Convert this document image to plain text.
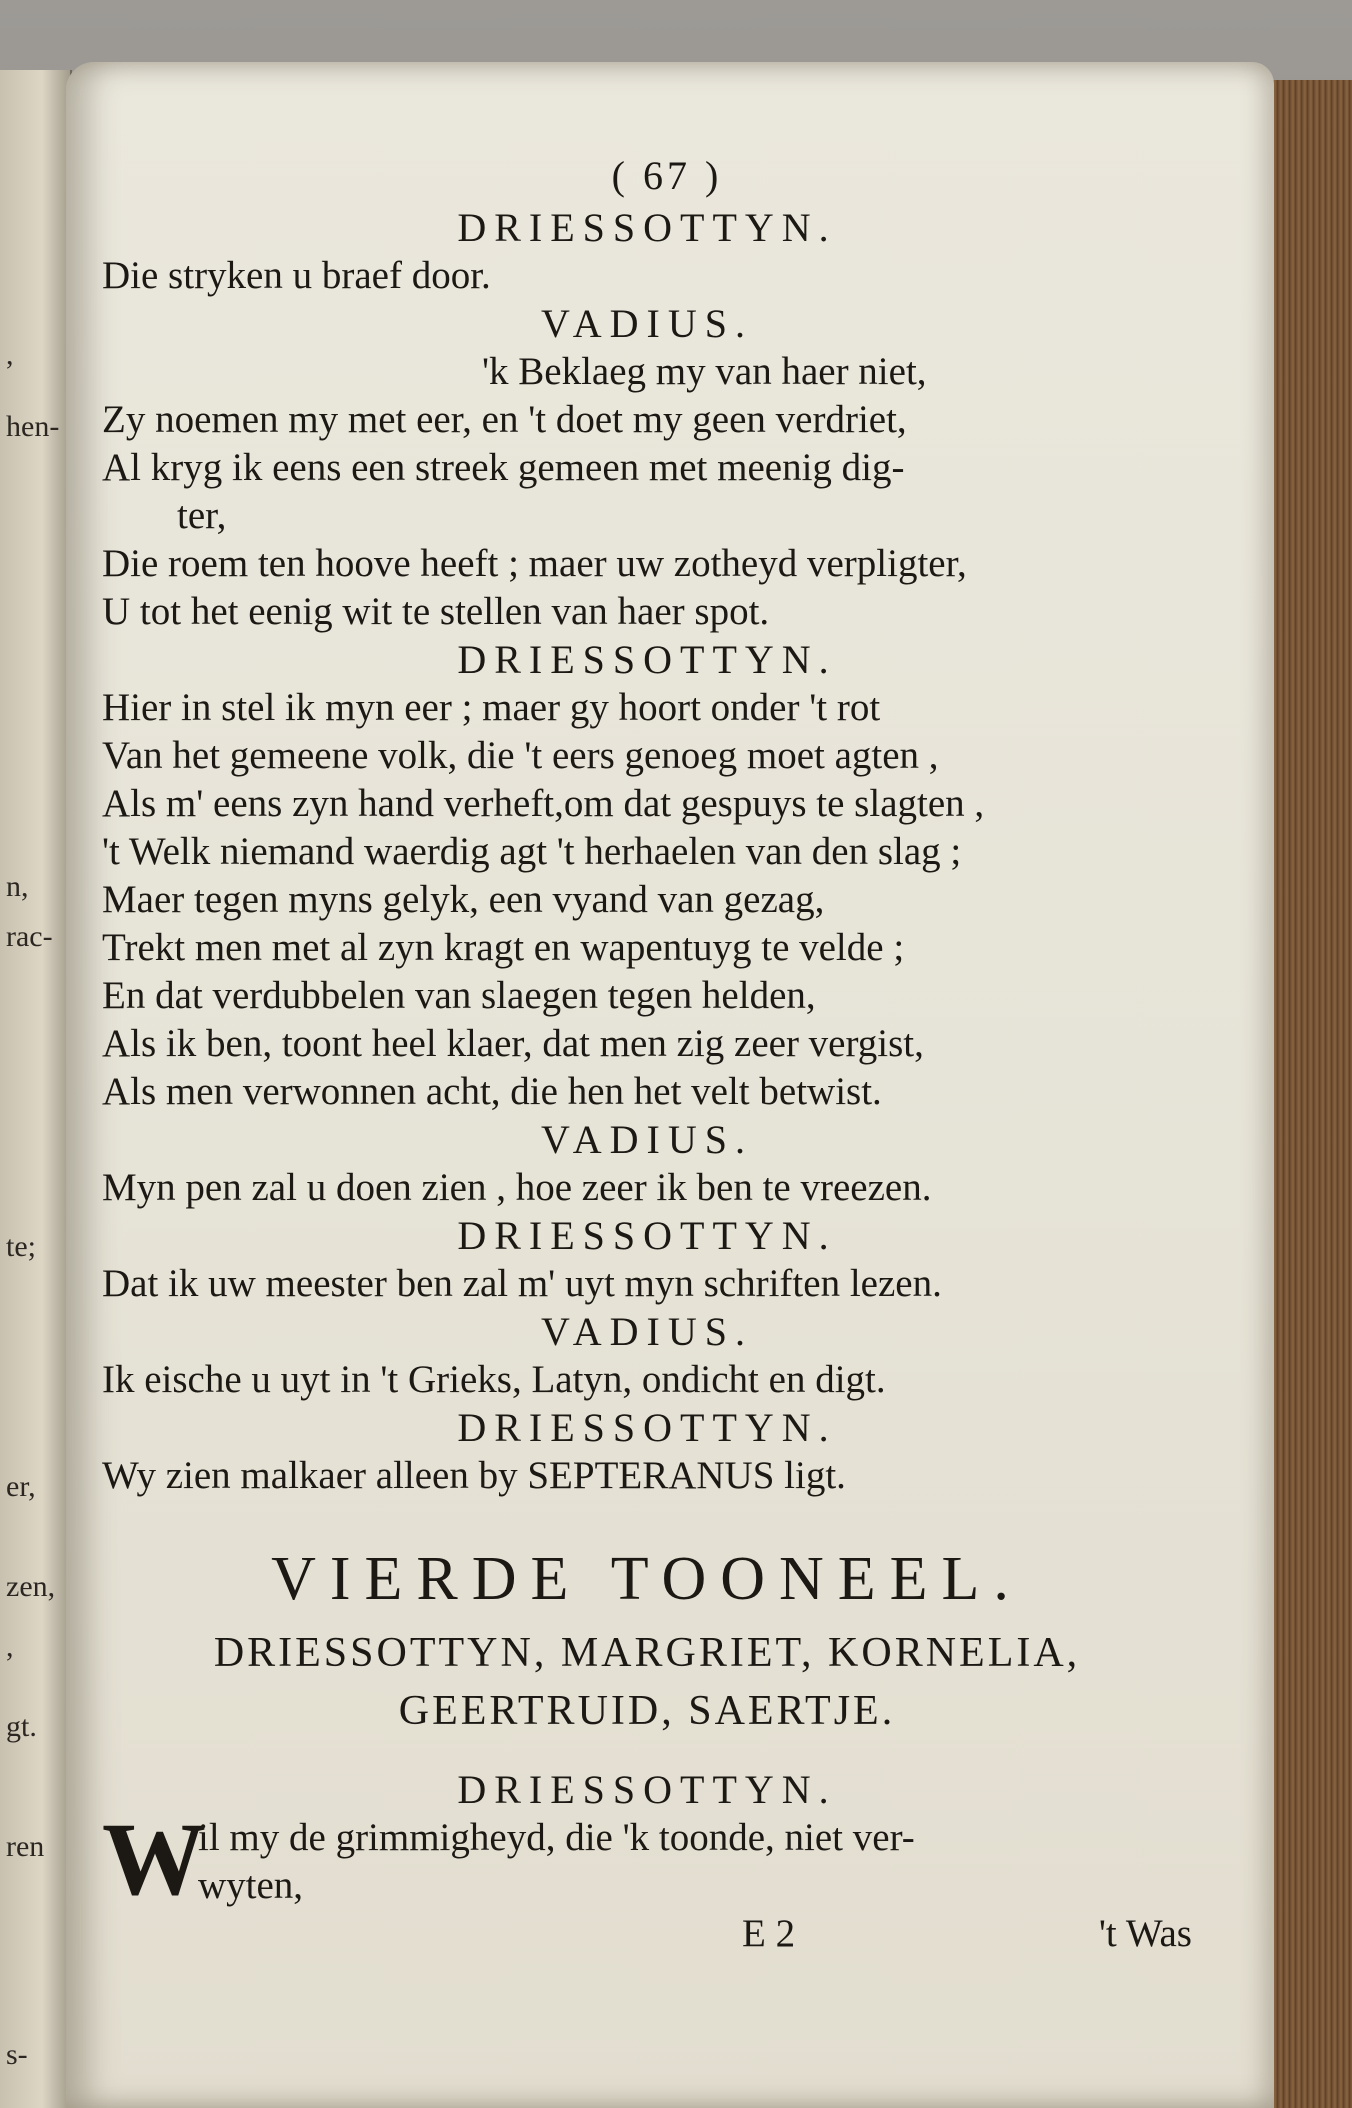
,
hen-
n,
rac-
te;
er,
zen,
,
gt.
ren
s-
( 67 )
DRIESSOTTYN.
Die stryken u braef door.
VADIUS.
'k Beklaeg my van haer niet,
Zy noemen my met eer, en 't doet my geen verdriet,
Al kryg ik eens een streek gemeen met meenig dig-
ter,
Die roem ten hoove heeft ; maer uw zotheyd verpligter,
U tot het eenig wit te stellen van haer spot.
DRIESSOTTYN.
Hier in stel ik myn eer ; maer gy hoort onder 't rot
Van het gemeene volk, die 't eers genoeg moet agten ,
Als m' eens zyn hand verheft,om dat gespuys te slagten ,
't Welk niemand waerdig agt 't herhaelen van den slag ;
Maer tegen myns gelyk, een vyand van gezag,
Trekt men met al zyn kragt en wapentuyg te velde ;
En dat verdubbelen van slaegen tegen helden,
Als ik ben, toont heel klaer, dat men zig zeer vergist,
Als men verwonnen acht, die hen het velt betwist.
VADIUS.
Myn pen zal u doen zien , hoe zeer ik ben te vreezen.
DRIESSOTTYN.
Dat ik uw meester ben zal m' uyt myn schriften lezen.
VADIUS.
Ik eische u uyt in 't Grieks, Latyn, ondicht en digt.
DRIESSOTTYN.
Wy zien malkaer alleen by SEPTERANUS ligt.
VIERDE TOONEEL.
DRIESSOTTYN, MARGRIET, KORNELIA,
GEERTRUID, SAERTJE.
DRIESSOTTYN.
W
il my de grimmigheyd, die 'k toonde, niet ver-
wyten,
E 2	't Was
